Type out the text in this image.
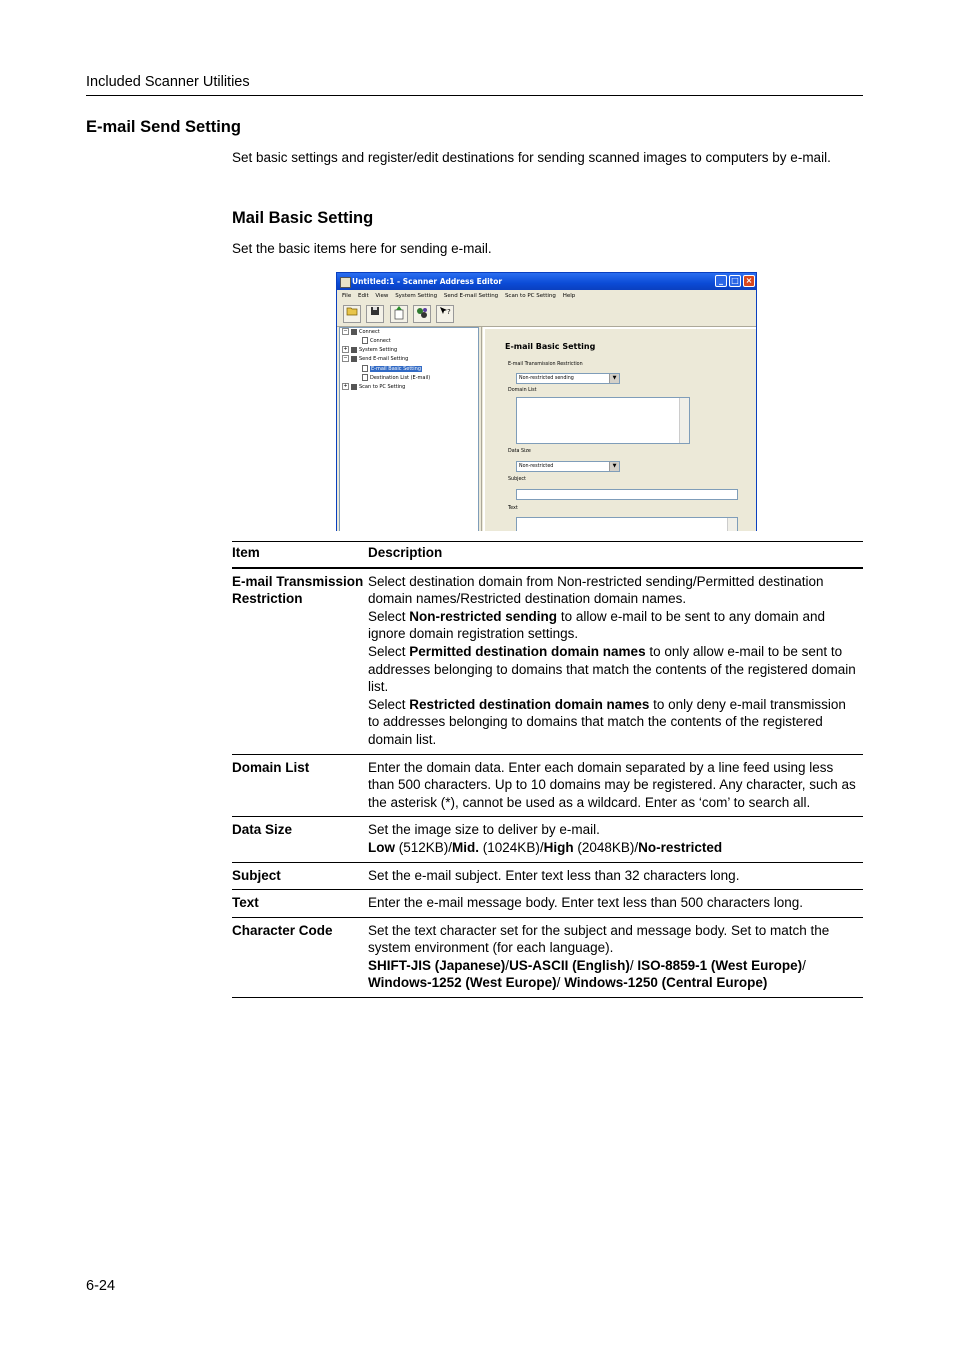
Included Scanner Utilities
E-mail Send Setting
Set basic settings and register/edit destinations for sending scanned images to computers by e-mail.
Mail Basic Setting
Set the basic items here for sending e-mail.
Untitled:1 - Scanner Address Editor	_	□ ×
File Edit View System Setting Send E-mail Setting Scan to PC Setting Help
?
− Connect
Connect
+ System Setting
− Send E-mail Setting
E-mail Basic Setting
Destination List (E-mail)
+ Scan to PC Setting
E-mail Basic Setting
E-mail Transmission Restriction
Non-restricted sending	▼
Domain List
Data Size
Non-restricted	▼
Subject
Text
Item	Description
E-mail Transmission Restriction	Select destination domain from Non-restricted sending/Permitted destination domain names/Restricted destination domain names.
Select Non-restricted sending to allow e-mail to be sent to any domain and ignore domain registration settings.
Select Permitted destination domain names to only allow e-mail to be sent to addresses belonging to domains that match the contents of the registered domain list.
Select Restricted destination domain names to only deny e-mail transmission to addresses belonging to domains that match the contents of the registered domain list.
Domain List	Enter the domain data. Enter each domain separated by a line feed using less than 500 characters. Up to 10 domains may be registered. Any character, such as the asterisk (*), cannot be used as a wildcard. Enter as ‘com’ to search all.
Data Size	Set the image size to deliver by e-mail.
Low (512KB)/Mid. (1024KB)/High (2048KB)/No-restricted
Subject	Set the e-mail subject. Enter text less than 32 characters long.
Text	Enter the e-mail message body. Enter text less than 500 characters long.
Character Code	Set the text character set for the subject and message body. Set to match the system environment (for each language).
SHIFT-JIS (Japanese)/US-ASCII (English)/ ISO-8859-1 (West Europe)/ Windows-1252 (West Europe)/ Windows-1250 (Central Europe)
6-24
